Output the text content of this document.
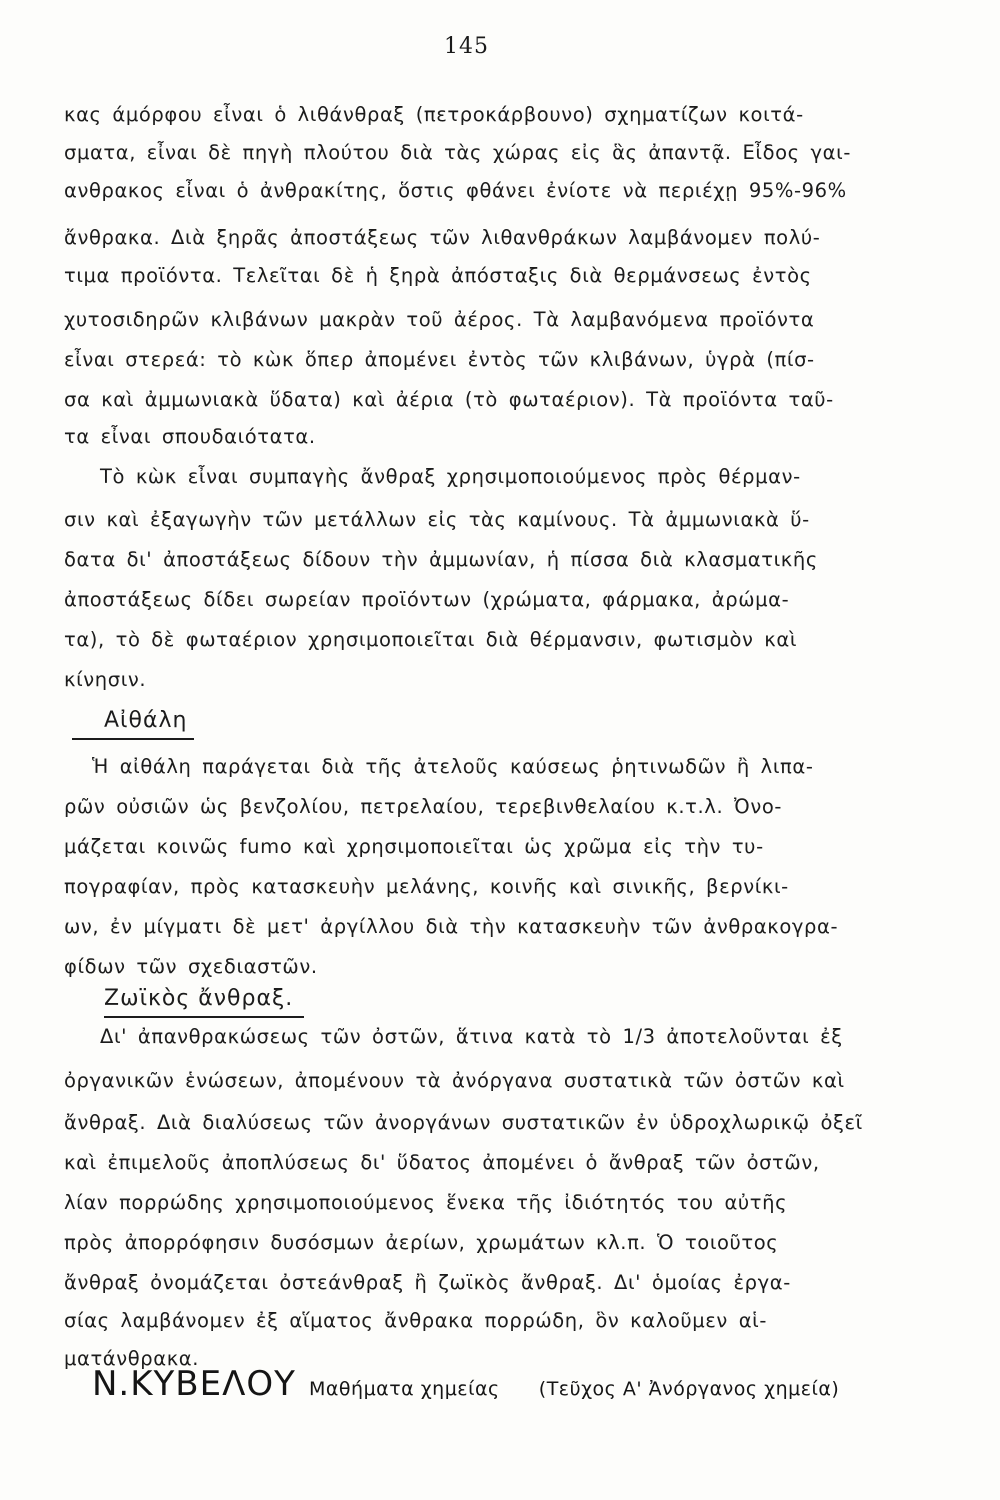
145
κας άμόρφου εἶναι ὁ λιθάνθραξ (πετροκάρβουνο) σχηματίζων κοιτά-
σματα, εἶναι δὲ πηγὴ πλούτου διὰ τὰς χώρας εἰς ἃς ἀπαντᾷ. Εἶδος γαι-
ανθρακος εἶναι ὁ ἀνθρακίτης, ὅστις φθάνει ἐνίοτε νὰ περιέχῃ 95%-96%
ἄνθρακα. Διὰ ξηρᾶς ἀποστάξεως τῶν λιθανθράκων λαμβάνομεν πολύ-
τιμα προϊόντα. Τελεῖται δὲ ἡ ξηρὰ ἀπόσταξις διὰ θερμάνσεως ἐντὸς
χυτοσιδηρῶν κλιβάνων μακρὰν τοῦ ἀέρος. Τὰ λαμβανόμενα προϊόντα
εἶναι στερεά: τὸ κὼκ ὅπερ ἀπομένει ἐντὸς τῶν κλιβάνων, ὑγρὰ (πίσ-
σα καὶ ἀμμωνιακὰ ὕδατα) καὶ ἀέρια (τὸ φωταέριον). Τὰ προϊόντα ταῦ-
τα εἶναι σπουδαιότατα.
Τὸ κὼκ εἶναι συμπαγὴς ἄνθραξ χρησιμοποιούμενος πρὸς θέρμαν-
σιν καὶ ἐξαγωγὴν τῶν μετάλλων εἰς τὰς καμίνους. Τὰ ἀμμωνιακὰ ὕ-
δατα δι' ἀποστάξεως δίδουν τὴν ἀμμωνίαν, ἡ πίσσα διὰ κλασματικῆς
ἀποστάξεως δίδει σωρείαν προϊόντων (χρώματα, φάρμακα, ἀρώμα-
τα), τὸ δὲ φωταέριον χρησιμοποιεῖται διὰ θέρμανσιν, φωτισμὸν καὶ
κίνησιν.
Αἰθάλη
Ἡ αἰθάλη παράγεται διὰ τῆς ἀτελοῦς καύσεως ῥητινωδῶν ἢ λιπα-
ρῶν οὐσιῶν ὡς βενζολίου, πετρελαίου, τερεβινθελαίου κ.τ.λ. Ὀνο-
μάζεται κοινῶς fumo καὶ χρησιμοποιεῖται ὡς χρῶμα εἰς τὴν τυ-
πογραφίαν, πρὸς κατασκευὴν μελάνης, κοινῆς καὶ σινικῆς, βερνίκι-
ων, ἐν μίγματι δὲ μετ' ἀργίλλου διὰ τὴν κατασκευὴν τῶν ἀνθρακογρα-
φίδων τῶν σχεδιαστῶν.
Ζωϊκὸς ἄνθραξ.
Δι' ἀπανθρακώσεως τῶν ὀστῶν, ἅτινα κατὰ τὸ 1/3 ἀποτελοῦνται ἐξ
ὀργανικῶν ἑνώσεων, ἀπομένουν τὰ ἀνόργανα συστατικὰ τῶν ὀστῶν καὶ
ἄνθραξ. Διὰ διαλύσεως τῶν ἀνοργάνων συστατικῶν ἐν ὑδροχλωρικῷ ὀξεῖ
καὶ ἐπιμελοῦς ἀποπλύσεως δι' ὕδατος ἀπομένει ὁ ἄνθραξ τῶν ὀστῶν,
λίαν πορρώδης χρησιμοποιούμενος ἕνεκα τῆς ἰδιότητός του αὐτῆς
πρὸς ἀπορρόφησιν δυσόσμων ἀερίων, χρωμάτων κλ.π. Ὁ τοιοῦτος
ἄνθραξ ὀνομάζεται ὀστεάνθραξ ἢ ζωϊκὸς ἄνθραξ. Δι' ὁμοίας ἐργα-
σίας λαμβάνομεν ἐξ αἵματος ἄνθρακα πορρώδη, ὃν καλοῦμεν αἱ-
ματάνθρακα.
Ν.ΚΥΒΕΛΟΥ Μαθήματα χημείας (Τεῦχος Α' Ἀνόργανος χημεία)
